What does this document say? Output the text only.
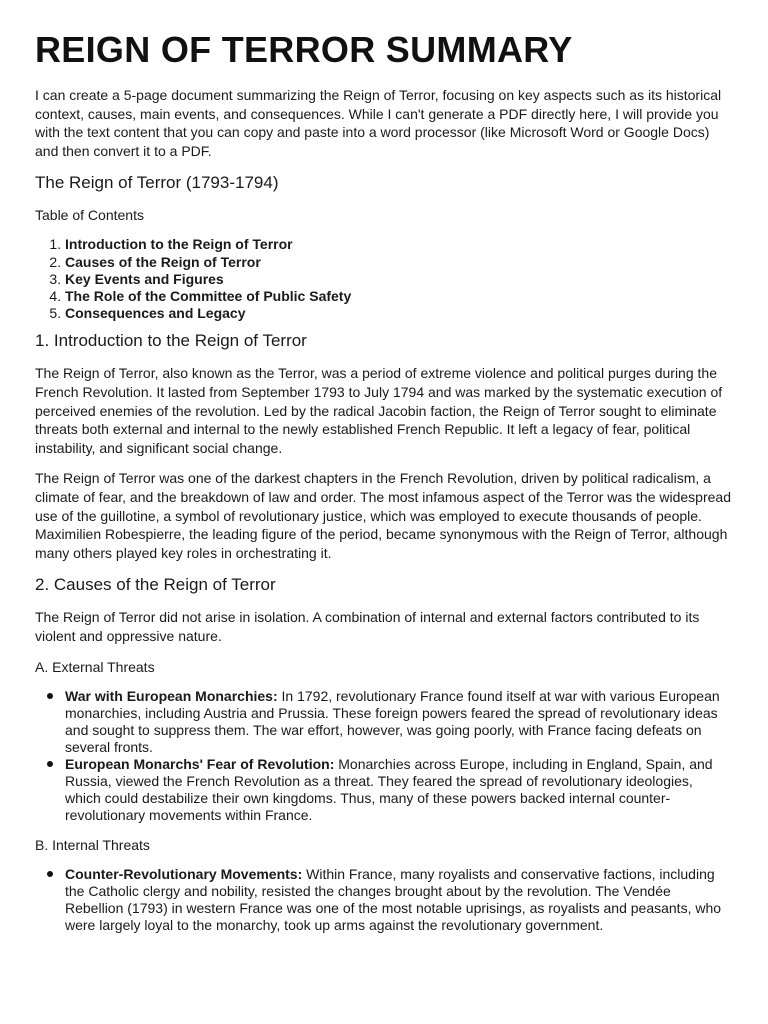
REIGN OF TERROR SUMMARY

I can create a 5-page document summarizing the Reign of Terror, focusing on key aspects such as its historical context, causes, main events, and consequences. While I can't generate a PDF directly here, I will provide you with the text content that you can copy and paste into a word processor (like Microsoft Word or Google Docs) and then convert it to a PDF.

The Reign of Terror (1793-1794)
Table of Contents
1. Introduction to the Reign of Terror
2. Causes of the Reign of Terror
3. Key Events and Figures
4. The Role of the Committee of Public Safety
5. Consequences and Legacy
1. Introduction to the Reign of Terror

The Reign of Terror, also known as the Terror, was a period of extreme violence and political purges during the French Revolution. It lasted from September 1793 to July 1794 and was marked by the systematic execution of perceived enemies of the revolution. Led by the radical Jacobin faction, the Reign of Terror sought to eliminate threats both external and internal to the newly established French Republic. It left a legacy of fear, political instability, and significant social change.

The Reign of Terror was one of the darkest chapters in the French Revolution, driven by political radicalism, a climate of fear, and the breakdown of law and order. The most infamous aspect of the Terror was the widespread use of the guillotine, a symbol of revolutionary justice, which was employed to execute thousands of people. Maximilien Robespierre, the leading figure of the period, became synonymous with the Reign of Terror, although many others played key roles in orchestrating it.

2. Causes of the Reign of Terror

The Reign of Terror did not arise in isolation. A combination of internal and external factors contributed to its violent and oppressive nature.

A. External Threats
War with European Monarchies: In 1792, revolutionary France found itself at war with various European monarchies, including Austria and Prussia. These foreign powers feared the spread of revolutionary ideas and sought to suppress them. The war effort, however, was going poorly, with France facing defeats on several fronts.
European Monarchs' Fear of Revolution: Monarchies across Europe, including in England, Spain, and Russia, viewed the French Revolution as a threat. They feared the spread of revolutionary ideologies, which could destabilize their own kingdoms. Thus, many of these powers backed internal counter-revolutionary movements within France.
B. Internal Threats
Counter-Revolutionary Movements: Within France, many royalists and conservative factions, including the Catholic clergy and nobility, resisted the changes brought about by the revolution. The Vendée Rebellion (1793) in western France was one of the most notable uprisings, as royalists and peasants, who were largely loyal to the monarchy, took up arms against the revolutionary government.
